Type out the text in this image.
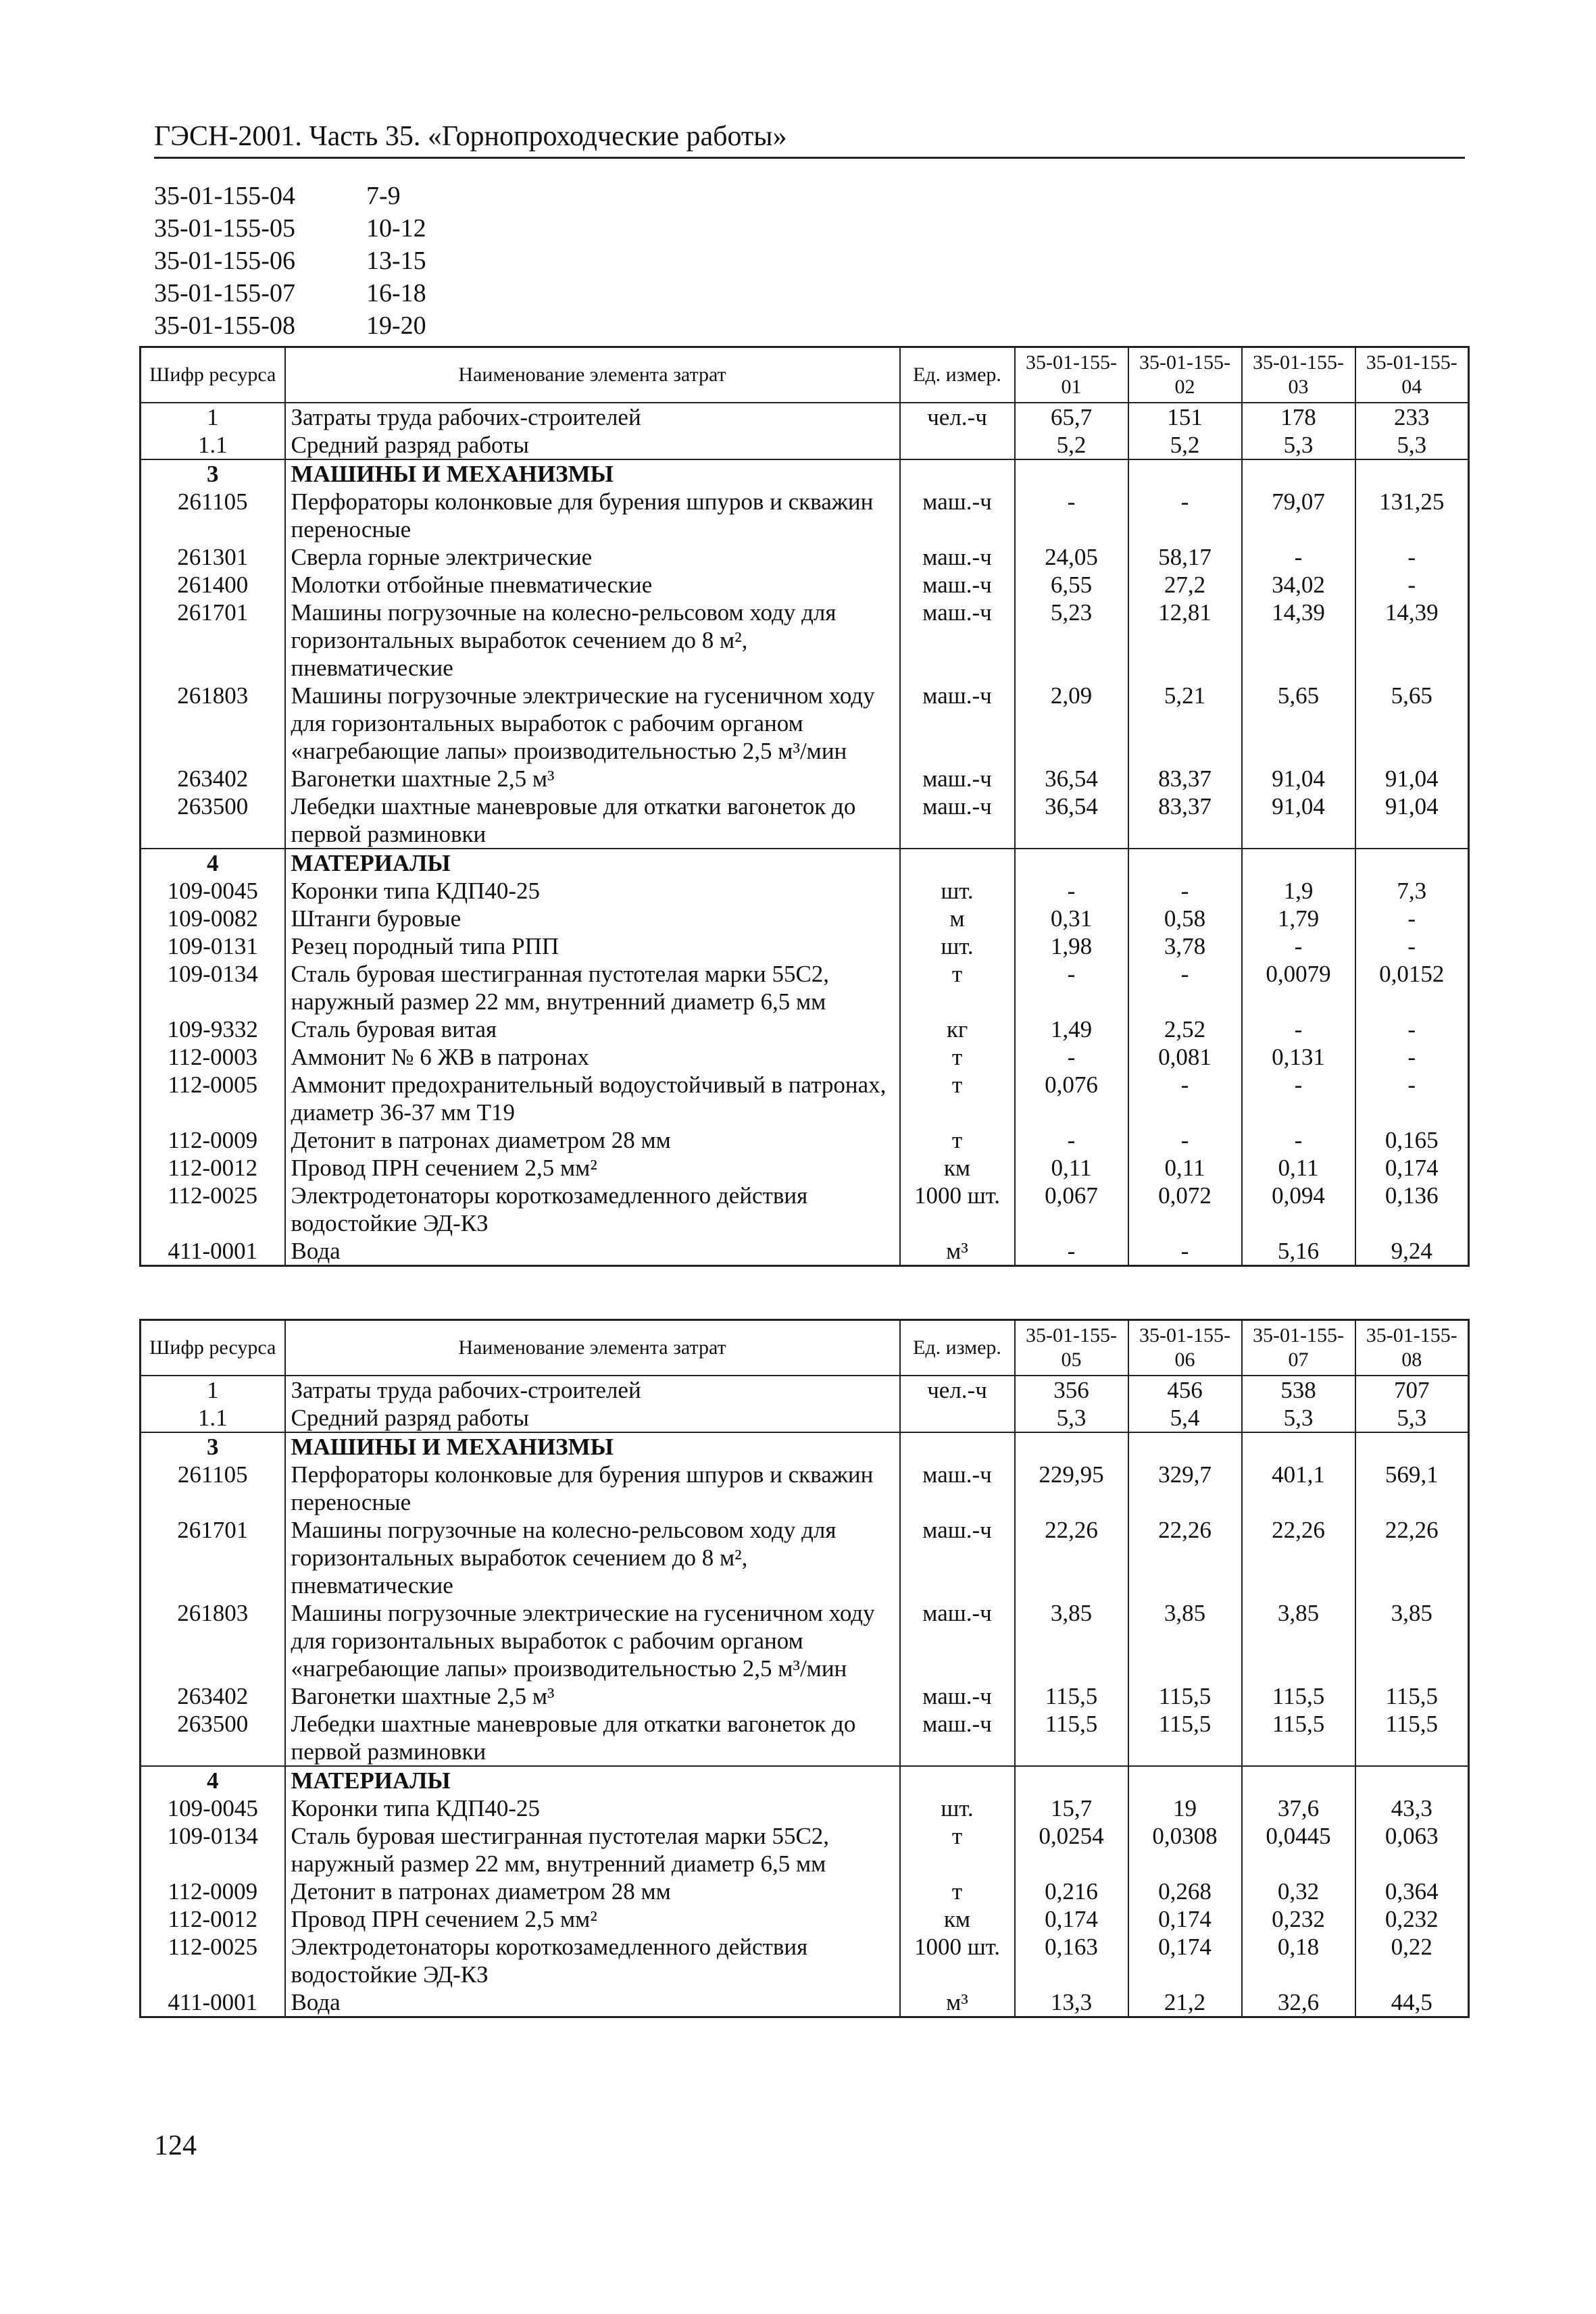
ГЭСН-2001. Часть 35. «Горнопроходческие работы»
35-01-155-04	7-9
35-01-155-05	10-12
35-01-155-06	13-15
35-01-155-07	16-18
35-01-155-08	19-20
Шифр ресурса	Наименование элемента затрат	Ед. измер.	35-01-155-01	35-01-155-02	35-01-155-03	35-01-155-04
1	Затраты труда рабочих-строителей	чел.-ч	65,7	151	178	233
1.1	Средний разряд работы		5,2	5,2	5,3	5,3
3	МАШИНЫ И МЕХАНИЗМЫ					
261105	Перфораторы колонковые для бурения шпуров и скважин переносные	маш.-ч	-	-	79,07	131,25
261301	Сверла горные электрические	маш.-ч	24,05	58,17	-	-
261400	Молотки отбойные пневматические	маш.-ч	6,55	27,2	34,02	-
261701	Машины погрузочные на колесно-рельсовом ходу для горизонтальных выработок сечением до 8 м², пневматические	маш.-ч	5,23	12,81	14,39	14,39
261803	Машины погрузочные электрические на гусеничном ходу для горизонтальных выработок с рабочим органом «нагребающие лапы» производительностью 2,5 м³/мин	маш.-ч	2,09	5,21	5,65	5,65
263402	Вагонетки шахтные 2,5 м³	маш.-ч	36,54	83,37	91,04	91,04
263500	Лебедки шахтные маневровые для откатки вагонеток до первой разминовки	маш.-ч	36,54	83,37	91,04	91,04
4	МАТЕРИАЛЫ					
109-0045	Коронки типа КДП40-25	шт.	-	-	1,9	7,3
109-0082	Штанги буровые	м	0,31	0,58	1,79	-
109-0131	Резец породный типа РПП	шт.	1,98	3,78	-	-
109-0134	Сталь буровая шестигранная пустотелая марки 55С2, наружный размер 22 мм, внутренний диаметр 6,5 мм	т	-	-	0,0079	0,0152
109-9332	Сталь буровая витая	кг	1,49	2,52	-	-
112-0003	Аммонит № 6 ЖВ в патронах	т	-	0,081	0,131	-
112-0005	Аммонит предохранительный водоустойчивый в патронах, диаметр 36-37 мм Т19	т	0,076	-	-	-
112-0009	Детонит в патронах диаметром 28 мм	т	-	-	-	0,165
112-0012	Провод ПРН сечением 2,5 мм²	км	0,11	0,11	0,11	0,174
112-0025	Электродетонаторы короткозамедленного действия водостойкие ЭД-КЗ	1000 шт.	0,067	0,072	0,094	0,136
411-0001	Вода	м³	-	-	5,16	9,24
Шифр ресурса	Наименование элемента затрат	Ед. измер.	35-01-155-05	35-01-155-06	35-01-155-07	35-01-155-08
1	Затраты труда рабочих-строителей	чел.-ч	356	456	538	707
1.1	Средний разряд работы		5,3	5,4	5,3	5,3
3	МАШИНЫ И МЕХАНИЗМЫ					
261105	Перфораторы колонковые для бурения шпуров и скважин переносные	маш.-ч	229,95	329,7	401,1	569,1
261701	Машины погрузочные на колесно-рельсовом ходу для горизонтальных выработок сечением до 8 м², пневматические	маш.-ч	22,26	22,26	22,26	22,26
261803	Машины погрузочные электрические на гусеничном ходу для горизонтальных выработок с рабочим органом «нагребающие лапы» производительностью 2,5 м³/мин	маш.-ч	3,85	3,85	3,85	3,85
263402	Вагонетки шахтные 2,5 м³	маш.-ч	115,5	115,5	115,5	115,5
263500	Лебедки шахтные маневровые для откатки вагонеток до первой разминовки	маш.-ч	115,5	115,5	115,5	115,5
4	МАТЕРИАЛЫ					
109-0045	Коронки типа КДП40-25	шт.	15,7	19	37,6	43,3
109-0134	Сталь буровая шестигранная пустотелая марки 55С2, наружный размер 22 мм, внутренний диаметр 6,5 мм	т	0,0254	0,0308	0,0445	0,063
112-0009	Детонит в патронах диаметром 28 мм	т	0,216	0,268	0,32	0,364
112-0012	Провод ПРН сечением 2,5 мм²	км	0,174	0,174	0,232	0,232
112-0025	Электродетонаторы короткозамедленного действия водостойкие ЭД-КЗ	1000 шт.	0,163	0,174	0,18	0,22
411-0001	Вода	м³	13,3	21,2	32,6	44,5
124
